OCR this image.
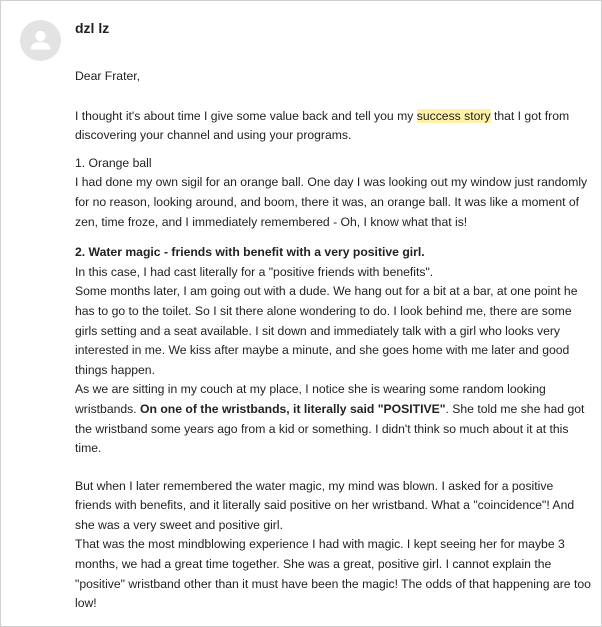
dzl lz

Dear Frater,

I thought it's about time I give some value back and tell you my success story that I got from discovering your channel and using your programs.

1. Orange ball

I had done my own sigil for an orange ball. One day I was looking out my window just randomly for no reason, looking around, and boom, there it was, an orange ball. It was like a moment of zen, time froze, and I immediately remembered - Oh, I know what that is!

2. Water magic - friends with benefit with a very positive girl.

In this case, I had cast literally for a "positive friends with benefits".

Some months later, I am going out with a dude. We hang out for a bit at a bar, at one point he has to go to the toilet. So I sit there alone wondering to do. I look behind me, there are some girls setting and a seat available. I sit down and immediately talk with a girl who looks very interested in me. We kiss after maybe a minute, and she goes home with me later and good things happen.

As we are sitting in my couch at my place, I notice she is wearing some random looking wristbands. On one of the wristbands, it literally said "POSITIVE". She told me she had got the wristband some years ago from a kid or something. I didn't think so much about it at this time.

But when I later remembered the water magic, my mind was blown. I asked for a positive friends with benefits, and it literally said positive on her wristband. What a "coincidence"! And she was a very sweet and positive girl.

That was the most mindblowing experience I had with magic. I kept seeing her for maybe 3 months, we had a great time together. She was a great, positive girl. I cannot explain the "positive" wristband other than it must have been the magic! The odds of that happening are too low!
